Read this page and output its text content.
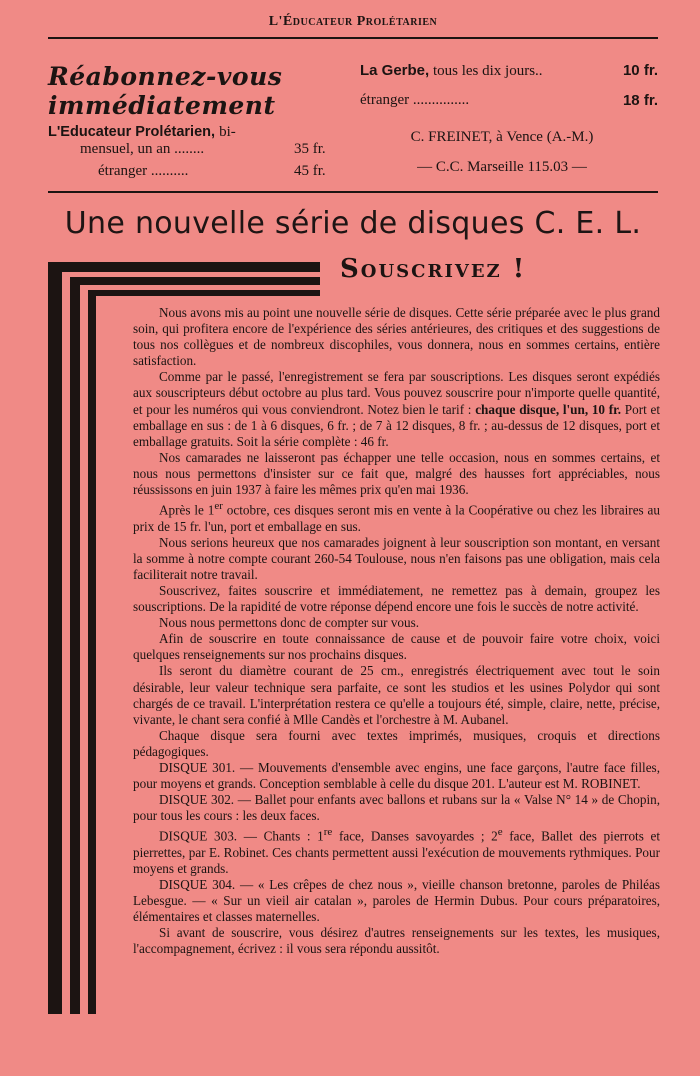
L'Éducateur Prolétarien
Réabonnez-vous
immédiatement
L'Educateur Prolétarien, bi-
mensuel, un an ........	35 fr.
étranger ..........	45 fr.
La Gerbe, tous les dix jours..	10 fr.
étranger ...............	18 fr.
C. FREINET, à Vence (A.-M.)
— C.C. Marseille 115.03 —
Une nouvelle série de disques C. E. L.
Souscrivez !

Nous avons mis au point une nouvelle série de disques. Cette série préparée avec le plus grand soin, qui profitera encore de l'expérience des séries antérieures, des critiques et des suggestions de tous nos collègues et de nombreux discophiles, vous donnera, nous en sommes certains, entière satisfaction.

Comme par le passé, l'enregistrement se fera par souscriptions. Les disques seront expédiés aux souscripteurs début octobre au plus tard. Vous pouvez souscrire pour n'importe quelle quantité, et pour les numéros qui vous conviendront. Notez bien le tarif : chaque disque, l'un, 10 fr. Port et emballage en sus : de 1 à 6 disques, 6 fr. ; de 7 à 12 disques, 8 fr. ; au-dessus de 12 disques, port et emballage gratuits. Soit la série complète : 46 fr.

Nos camarades ne laisseront pas échapper une telle occasion, nous en sommes certains, et nous nous permettons d'insister sur ce fait que, malgré des hausses fort appréciables, nous réussissons en juin 1937 à faire les mêmes prix qu'en mai 1936.

Après le 1er octobre, ces disques seront mis en vente à la Coopérative ou chez les libraires au prix de 15 fr. l'un, port et emballage en sus.

Nous serions heureux que nos camarades joignent à leur souscription son montant, en versant la somme à notre compte courant 260-54 Toulouse, nous n'en faisons pas une obligation, mais cela faciliterait notre travail.

Souscrivez, faites souscrire et immédiatement, ne remettez pas à demain, groupez les souscriptions. De la rapidité de votre réponse dépend encore une fois le succès de notre activité.

Nous nous permettons donc de compter sur vous.

Afin de souscrire en toute connaissance de cause et de pouvoir faire votre choix, voici quelques renseignements sur nos prochains disques.

Ils seront du diamètre courant de 25 cm., enregistrés électriquement avec tout le soin désirable, leur valeur technique sera parfaite, ce sont les studios et les usines Polydor qui sont chargés de ce travail. L'interprétation restera ce qu'elle a toujours été, simple, claire, nette, précise, vivante, le chant sera confié à Mlle Candès et l'orchestre à M. Aubanel.

Chaque disque sera fourni avec textes imprimés, musiques, croquis et directions pédagogiques.

DISQUE 301. — Mouvements d'ensemble avec engins, une face garçons, l'autre face filles, pour moyens et grands. Conception semblable à celle du disque 201. L'auteur est M. ROBINET.

DISQUE 302. — Ballet pour enfants avec ballons et rubans sur la « Valse N° 14 » de Chopin, pour tous les cours : les deux faces.

DISQUE 303. — Chants : 1re face, Danses savoyardes ; 2e face, Ballet des pierrots et pierrettes, par E. Robinet. Ces chants permettent aussi l'exécution de mouvements rythmiques. Pour moyens et grands.

DISQUE 304. — « Les crêpes de chez nous », vieille chanson bretonne, paroles de Philéas Lebesgue. — « Sur un vieil air catalan », paroles de Hermin Dubus. Pour cours préparatoires, élémentaires et classes maternelles.

Si avant de souscrire, vous désirez d'autres renseignements sur les textes, les musiques, l'accompagnement, écrivez : il vous sera répondu aussitôt.
